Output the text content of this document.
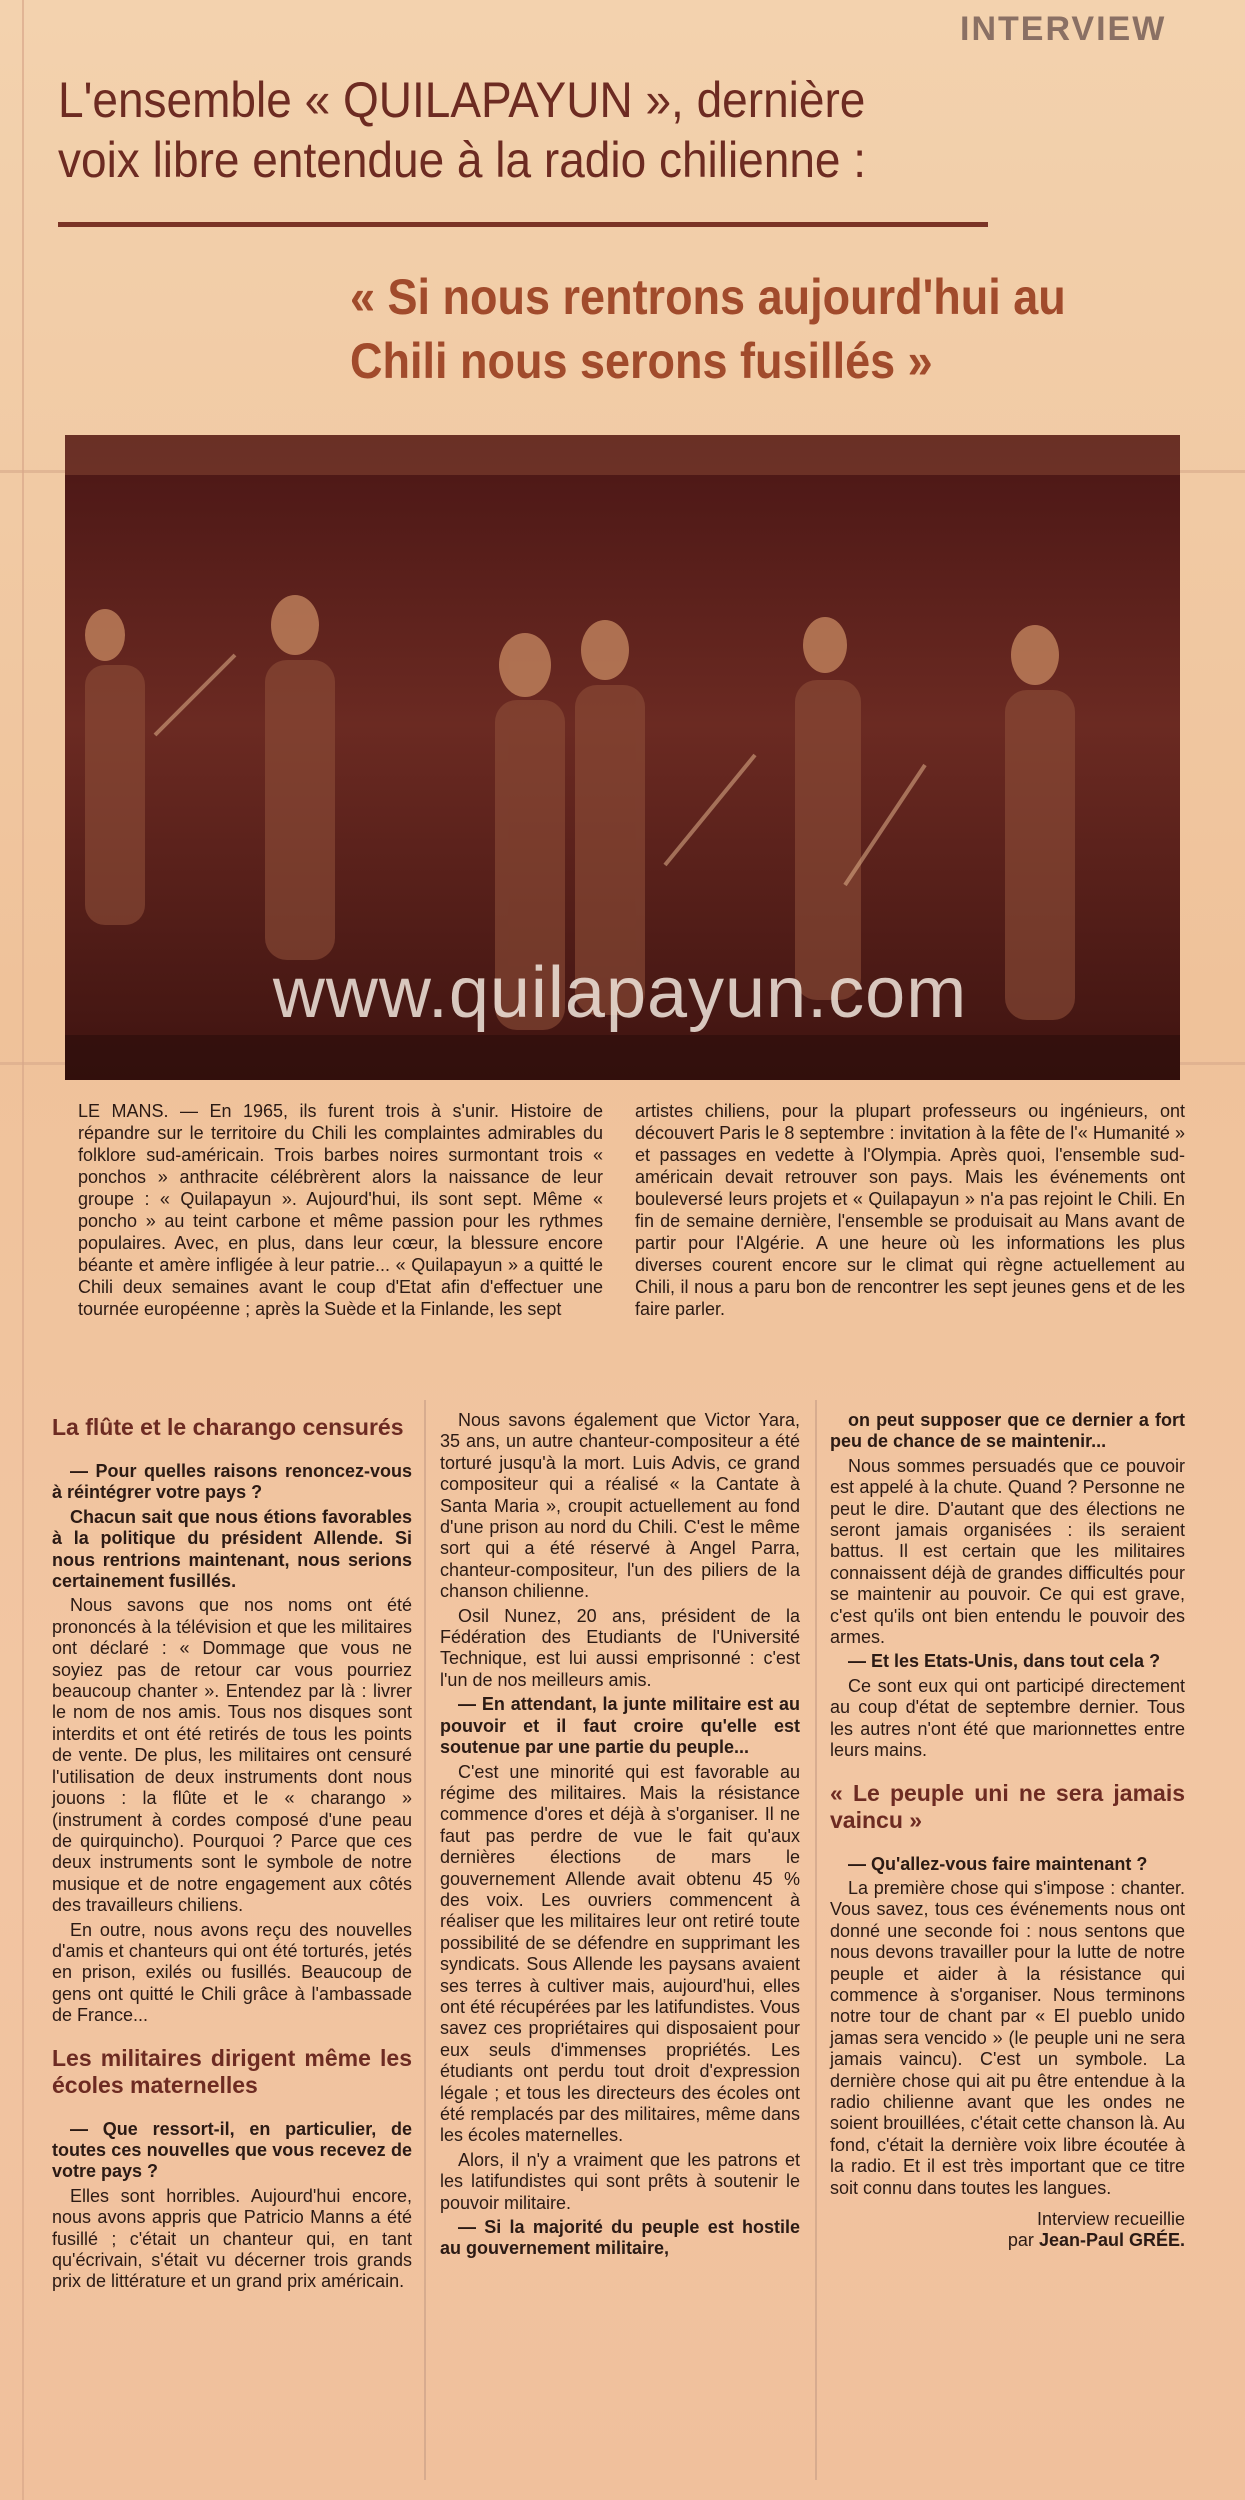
INTERVIEW
L'ensemble « QUILAPAYUN », dernière voix libre entendue à la radio chilienne :
« Si nous rentrons aujourd'hui au Chili nous serons fusillés »
www.quilapayun.com
LE MANS. — En 1965, ils furent trois à s'unir. Histoire de répandre sur le territoire du Chili les complaintes admirables du folklore sud-américain. Trois barbes noires surmontant trois « ponchos » anthracite célébrèrent alors la naissance de leur groupe : « Quilapayun ». Aujourd'hui, ils sont sept. Même « poncho » au teint carbone et même passion pour les rythmes populaires. Avec, en plus, dans leur cœur, la blessure encore béante et amère infligée à leur patrie... « Quilapayun » a quitté le Chili deux semaines avant le coup d'Etat afin d'effectuer une tournée européenne ; après la Suède et la Finlande, les sept
artistes chiliens, pour la plupart professeurs ou ingénieurs, ont découvert Paris le 8 septembre : invitation à la fête de l'« Humanité » et passages en vedette à l'Olympia. Après quoi, l'ensemble sud-américain devait retrouver son pays. Mais les événements ont bouleversé leurs projets et « Quilapayun » n'a pas rejoint le Chili. En fin de semaine dernière, l'ensemble se produisait au Mans avant de partir pour l'Algérie. A une heure où les informations les plus diverses courent encore sur le climat qui règne actuellement au Chili, il nous a paru bon de rencontrer les sept jeunes gens et de les faire parler.
La flûte et le charango censurés

— Pour quelles raisons renoncez-vous à réintégrer votre pays ?

Chacun sait que nous étions favorables à la politique du président Allende. Si nous rentrions maintenant, nous serions certainement fusillés.

Nous savons que nos noms ont été prononcés à la télévision et que les militaires ont déclaré : « Dommage que vous ne soyiez pas de retour car vous pourriez beaucoup chanter ». Entendez par là : livrer le nom de nos amis. Tous nos disques sont interdits et ont été retirés de tous les points de vente. De plus, les militaires ont censuré l'utilisation de deux instruments dont nous jouons : la flûte et le « charango » (instrument à cordes composé d'une peau de quirquincho). Pourquoi ? Parce que ces deux instruments sont le symbole de notre musique et de notre engagement aux côtés des travailleurs chiliens.

En outre, nous avons reçu des nouvelles d'amis et chanteurs qui ont été torturés, jetés en prison, exilés ou fusillés. Beaucoup de gens ont quitté le Chili grâce à l'ambassade de France...

Les militaires dirigent même les écoles maternelles

— Que ressort-il, en particulier, de toutes ces nouvelles que vous recevez de votre pays ?

Elles sont horribles. Aujourd'hui encore, nous avons appris que Patricio Manns a été fusillé ; c'était un chanteur qui, en tant qu'écrivain, s'était vu décerner trois grands prix de littérature et un grand prix américain.

Nous savons également que Victor Yara, 35 ans, un autre chanteur-compositeur a été torturé jusqu'à la mort. Luis Advis, ce grand compositeur qui a réalisé « la Cantate à Santa Maria », croupit actuellement au fond d'une prison au nord du Chili. C'est le même sort qui a été réservé à Angel Parra, chanteur-compositeur, l'un des piliers de la chanson chilienne.

Osil Nunez, 20 ans, président de la Fédération des Etudiants de l'Université Technique, est lui aussi emprisonné : c'est l'un de nos meilleurs amis.

— En attendant, la junte militaire est au pouvoir et il faut croire qu'elle est soutenue par une partie du peuple...

C'est une minorité qui est favorable au régime des militaires. Mais la résistance commence d'ores et déjà à s'organiser. Il ne faut pas perdre de vue le fait qu'aux dernières élections de mars le gouvernement Allende avait obtenu 45 % des voix. Les ouvriers commencent à réaliser que les militaires leur ont retiré toute possibilité de se défendre en supprimant les syndicats. Sous Allende les paysans avaient ses terres à cultiver mais, aujourd'hui, elles ont été récupérées par les latifundistes. Vous savez ces propriétaires qui disposaient pour eux seuls d'immenses propriétés. Les étudiants ont perdu tout droit d'expression légale ; et tous les directeurs des écoles ont été remplacés par des militaires, même dans les écoles maternelles.

Alors, il n'y a vraiment que les patrons et les latifundistes qui sont prêts à soutenir le pouvoir militaire.

— Si la majorité du peuple est hostile au gouvernement militaire,

on peut supposer que ce dernier a fort peu de chance de se maintenir...

Nous sommes persuadés que ce pouvoir est appelé à la chute. Quand ? Personne ne peut le dire. D'autant que des élections ne seront jamais organisées : ils seraient battus. Il est certain que les militaires connaissent déjà de grandes difficultés pour se maintenir au pouvoir. Ce qui est grave, c'est qu'ils ont bien entendu le pouvoir des armes.

— Et les Etats-Unis, dans tout cela ?

Ce sont eux qui ont participé directement au coup d'état de septembre dernier. Tous les autres n'ont été que marionnettes entre leurs mains.

« Le peuple uni ne sera jamais vaincu »

— Qu'allez-vous faire maintenant ?

La première chose qui s'impose : chanter. Vous savez, tous ces événements nous ont donné une seconde foi : nous sentons que nous devons travailler pour la lutte de notre peuple et aider à la résistance qui commence à s'organiser. Nous terminons notre tour de chant par « El pueblo unido jamas sera vencido » (le peuple uni ne sera jamais vaincu). C'est un symbole. La dernière chose qui ait pu être entendue à la radio chilienne avant que les ondes ne soient brouillées, c'était cette chanson là. Au fond, c'était la dernière voix libre écoutée à la radio. Et il est très important que ce titre soit connu dans toutes les langues.

Interview recueillie
par Jean-Paul GRÉE.
